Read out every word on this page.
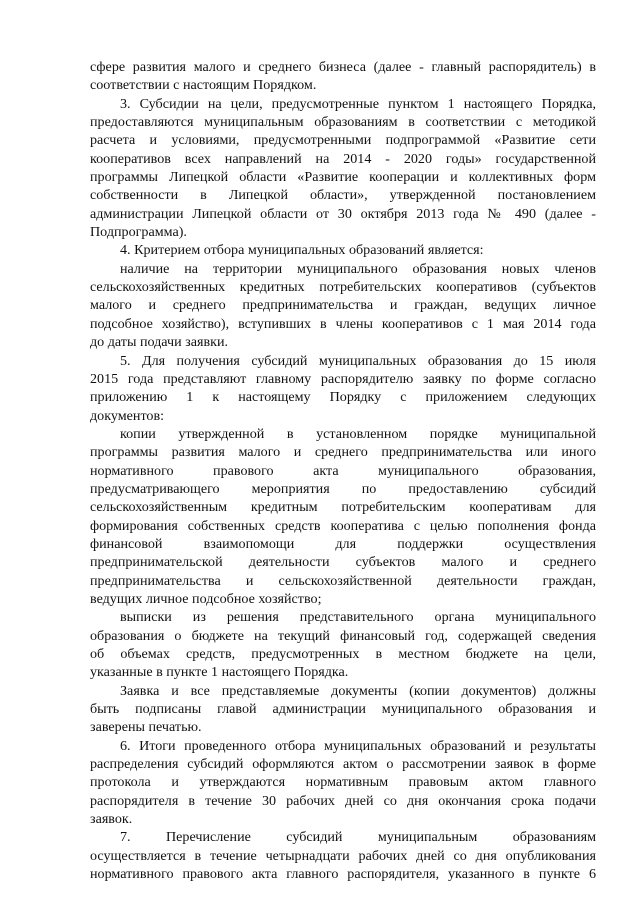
сфере развития малого и среднего бизнеса (далее - главный распорядитель) в
соответствии с настоящим Порядком.
3. Субсидии на цели, предусмотренные пунктом 1 настоящего Порядка,
предоставляются муниципальным образованиям в соответствии с методикой
расчета и условиями, предусмотренными подпрограммой «Развитие сети
кооперативов всех направлений на 2014 - 2020 годы» государственной
программы Липецкой области «Развитие кооперации и коллективных форм
собственности в Липецкой области», утвержденной постановлением
администрации Липецкой области от 30 октября 2013 года № 490 (далее -
Подпрограмма).
4. Критерием отбора муниципальных образований является:
наличие на территории муниципального образования новых членов
сельскохозяйственных кредитных потребительских кооперативов (субъектов
малого и среднего предпринимательства и граждан, ведущих личное
подсобное хозяйство), вступивших в члены кооперативов с 1 мая 2014 года
до даты подачи заявки.
5. Для получения субсидий муниципальных образования до 15 июля
2015 года представляют главному распорядителю заявку по форме согласно
приложению 1 к настоящему Порядку с приложением следующих
документов:
копии утвержденной в установленном порядке муниципальной
программы развития малого и среднего предпринимательства или иного
нормативного правового акта муниципального образования,
предусматривающего мероприятия по предоставлению субсидий
сельскохозяйственным кредитным потребительским кооперативам для
формирования собственных средств кооператива с целью пополнения фонда
финансовой взаимопомощи для поддержки осуществления
предпринимательской деятельности субъектов малого и среднего
предпринимательства и сельскохозяйственной деятельности граждан,
ведущих личное подсобное хозяйство;
выписки из решения представительного органа муниципального
образования о бюджете на текущий финансовый год, содержащей сведения
об объемах средств, предусмотренных в местном бюджете на цели,
указанные в пункте 1 настоящего Порядка.
Заявка и все представляемые документы (копии документов) должны
быть подписаны главой администрации муниципального образования и
заверены печатью.
6. Итоги проведенного отбора муниципальных образований и результаты
распределения субсидий оформляются актом о рассмотрении заявок в форме
протокола и утверждаются нормативным правовым актом главного
распорядителя в течение 30 рабочих дней со дня окончания срока подачи
заявок.
7. Перечисление субсидий муниципальным образованиям
осуществляется в течение четырнадцати рабочих дней со дня опубликования
нормативного правового акта главного распорядителя, указанного в пункте 6
